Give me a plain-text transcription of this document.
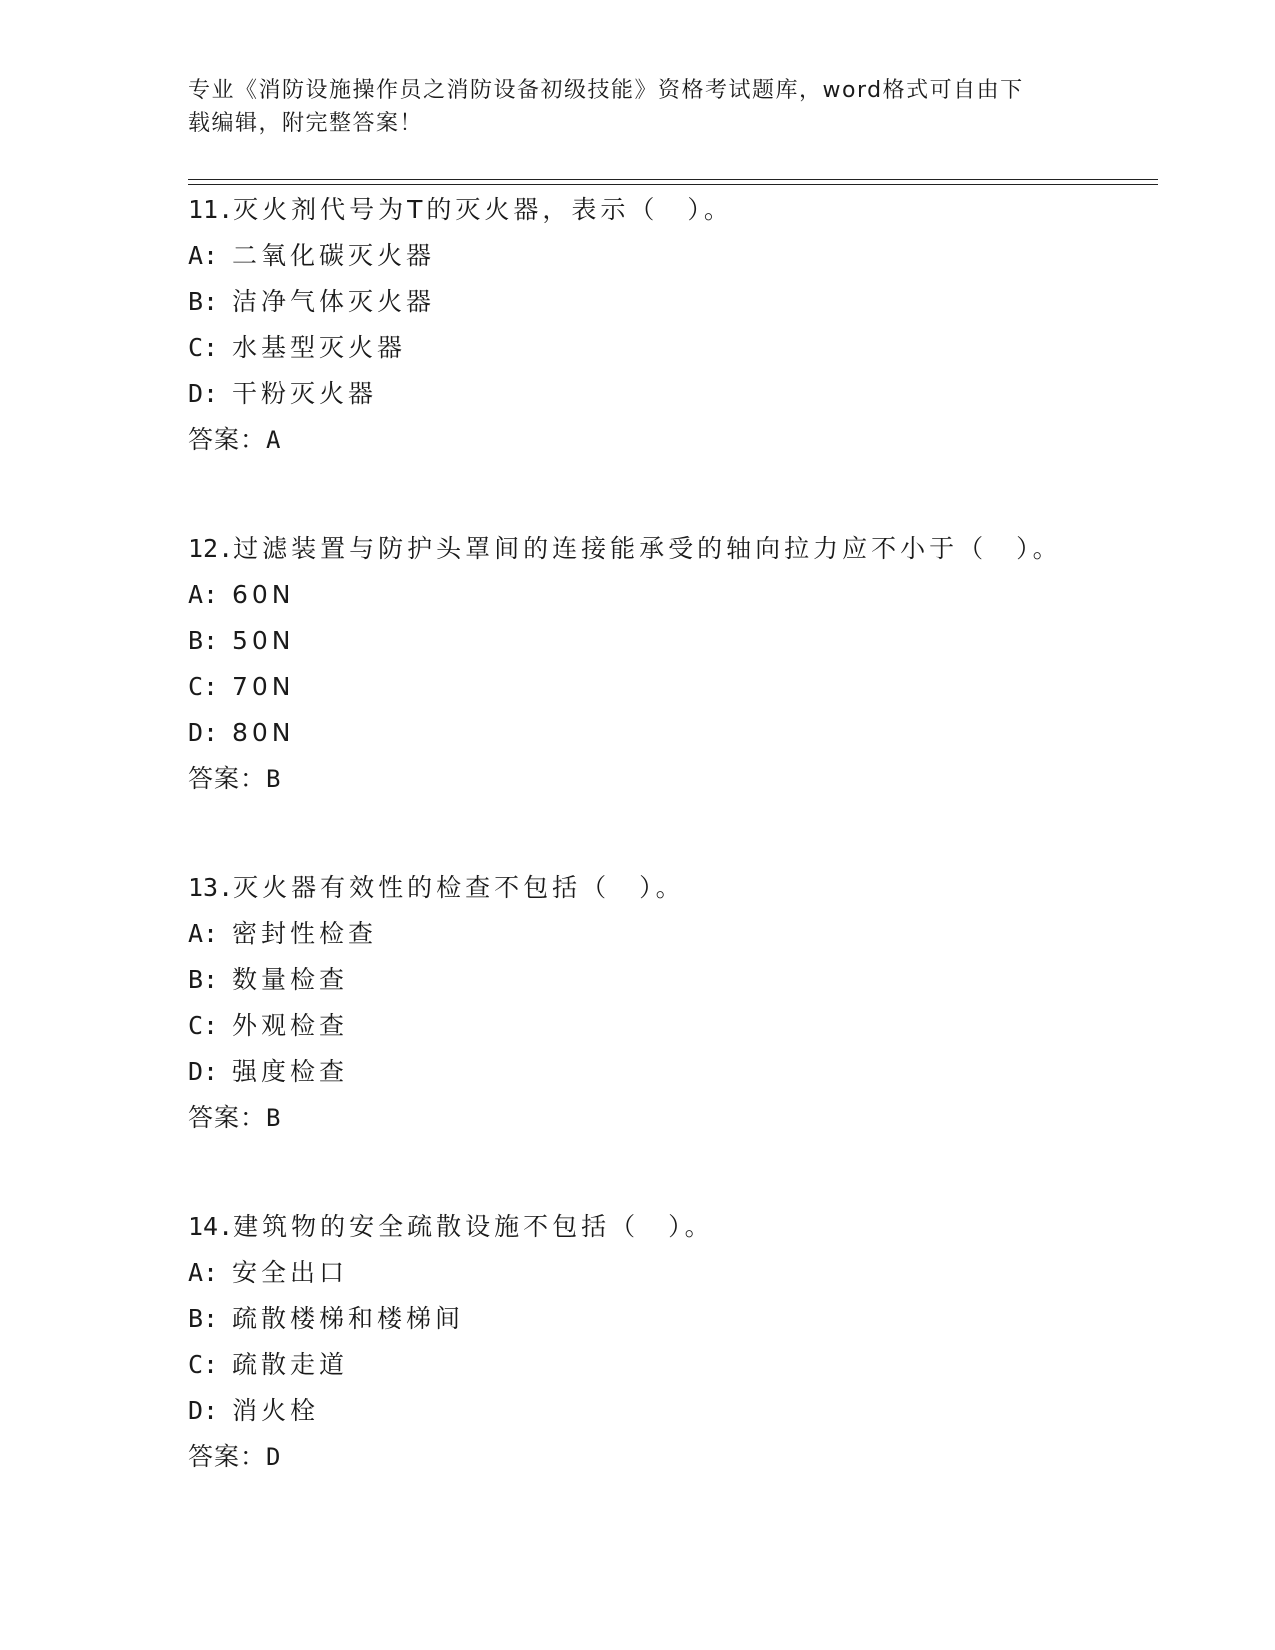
专业《消防设施操作员之消防设备初级技能》资格考试题库，word格式可自由下
载编辑，附完整答案！
11.灭火剂代号为T的灭火器，表示（　）。
A: 二氧化碳灭火器
B: 洁净气体灭火器
C: 水基型灭火器
D: 干粉灭火器
答案：A
12.过滤装置与防护头罩间的连接能承受的轴向拉力应不小于（　）。
A: 60N
B: 50N
C: 70N
D: 80N
答案：B
13.灭火器有效性的检查不包括（　）。
A: 密封性检查
B: 数量检查
C: 外观检查
D: 强度检查
答案：B
14.建筑物的安全疏散设施不包括（　）。
A: 安全出口
B: 疏散楼梯和楼梯间
C: 疏散走道
D: 消火栓
答案：D
